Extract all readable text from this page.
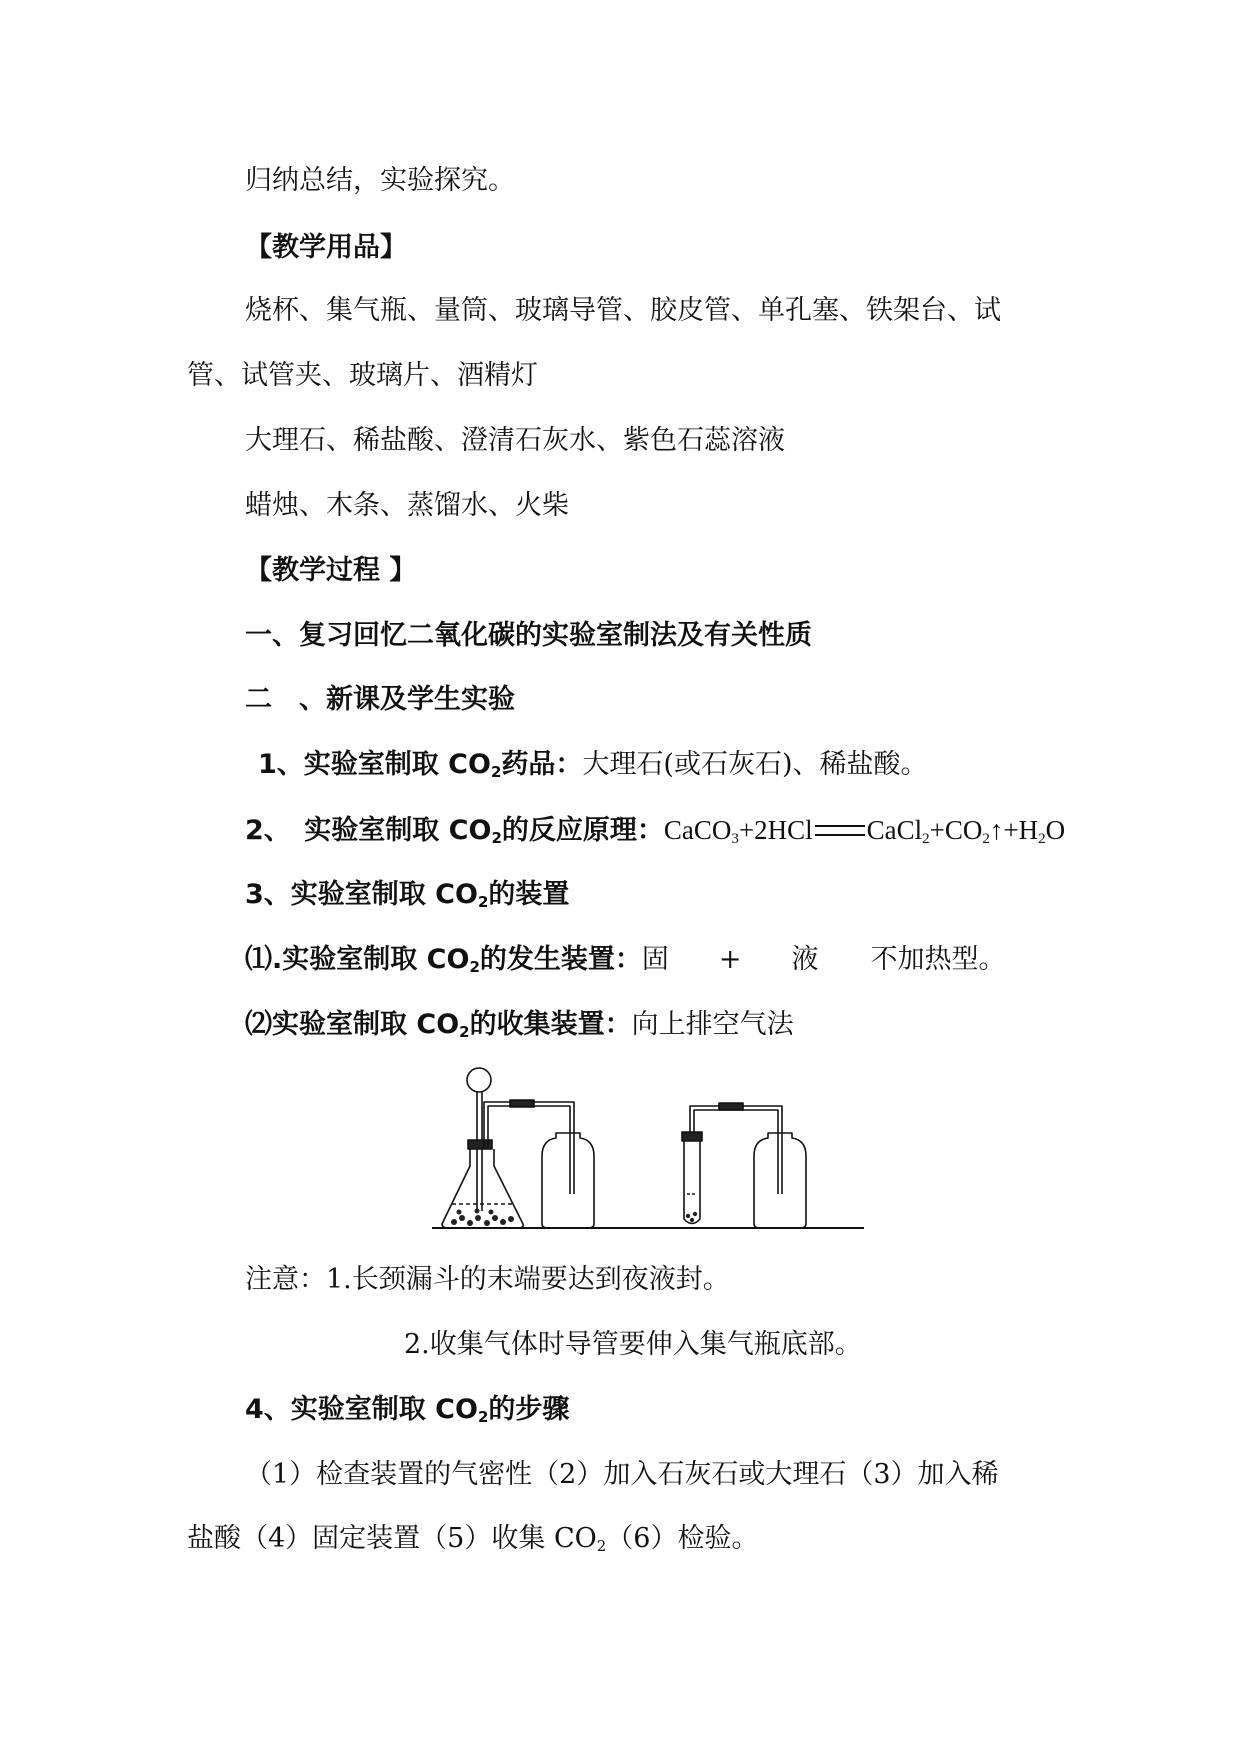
归纳总结，实验探究。
【教学用品】
烧杯、集气瓶、量筒、玻璃导管、胶皮管、单孔塞、铁架台、试
管、试管夹、玻璃片、酒精灯
大理石、稀盐酸、澄清石灰水、紫色石蕊溶液
蜡烛、木条、蒸馏水、火柴
【教学过程 】
一、复习回忆二氧化碳的实验室制法及有关性质
二　、新课及学生实验
1、实验室制取 $CO_2$药品：大理石(或石灰石)、稀盐酸。
2、　实验室制取 $CO_2$的反应原理：CaCO$_3$+2HCl $CaCl_2+CO_2↑+H_2O$
3、实验室制取 $CO_2$的装置
⑴.实验室制取 $CO_2$的发生装置：固 + 液 不加热型。
⑵实验室制取 $CO_2$的收集装置：向上排空气法
注意：1.长颈漏斗的末端要达到夜液封。
2.收集气体时导管要伸入集气瓶底部。
4、实验室制取 $CO_2$的步骤
（1）检查装置的气密性（2）加入石灰石或大理石（3）加入稀
盐酸（4）固定装置（5）收集 $CO_2(6)$检验。
